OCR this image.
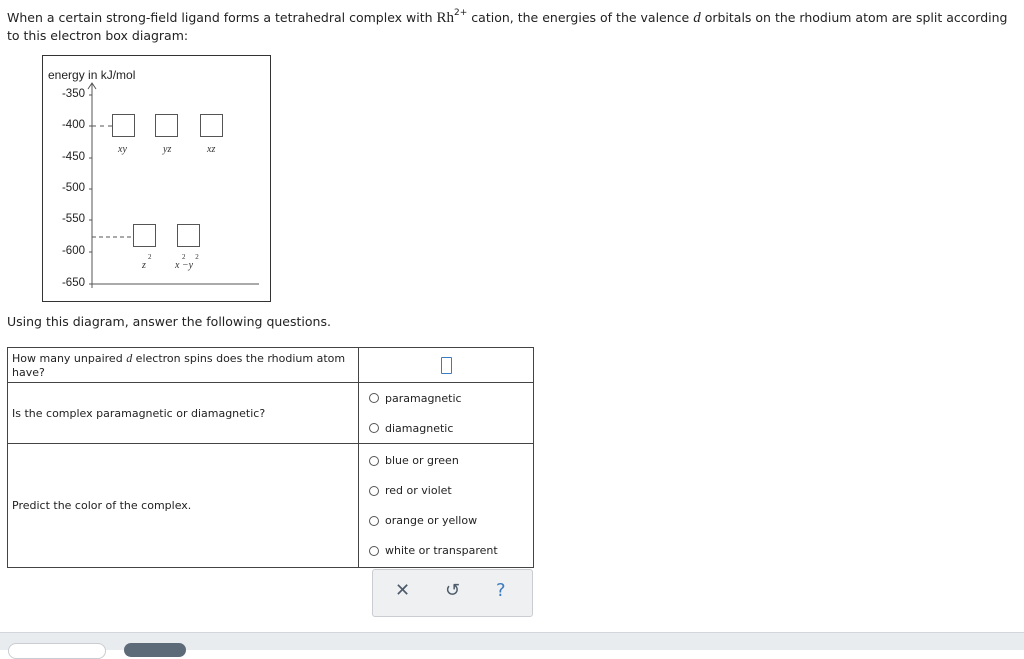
When a certain strong-field ligand forms a tetrahedral complex with $Rh^{2+}$ cation, the energies of the valence d orbitals on the rhodium atom are split according to this electron box diagram:
energy in kJ/mol
-350
-400
-450
-500
-550
-600
-650
xy	yz	xz
2
z
2 2
x −y
Using this diagram, answer the following questions.
How many unpaired d electron spins does the rhodium atom have?	

Is the complex paramagnetic or diamagnetic?	paramagnetic
diamagnetic

Predict the color of the complex.	blue or green
red or violet
orange or yellow
white or transparent
✕ ↺ ?
